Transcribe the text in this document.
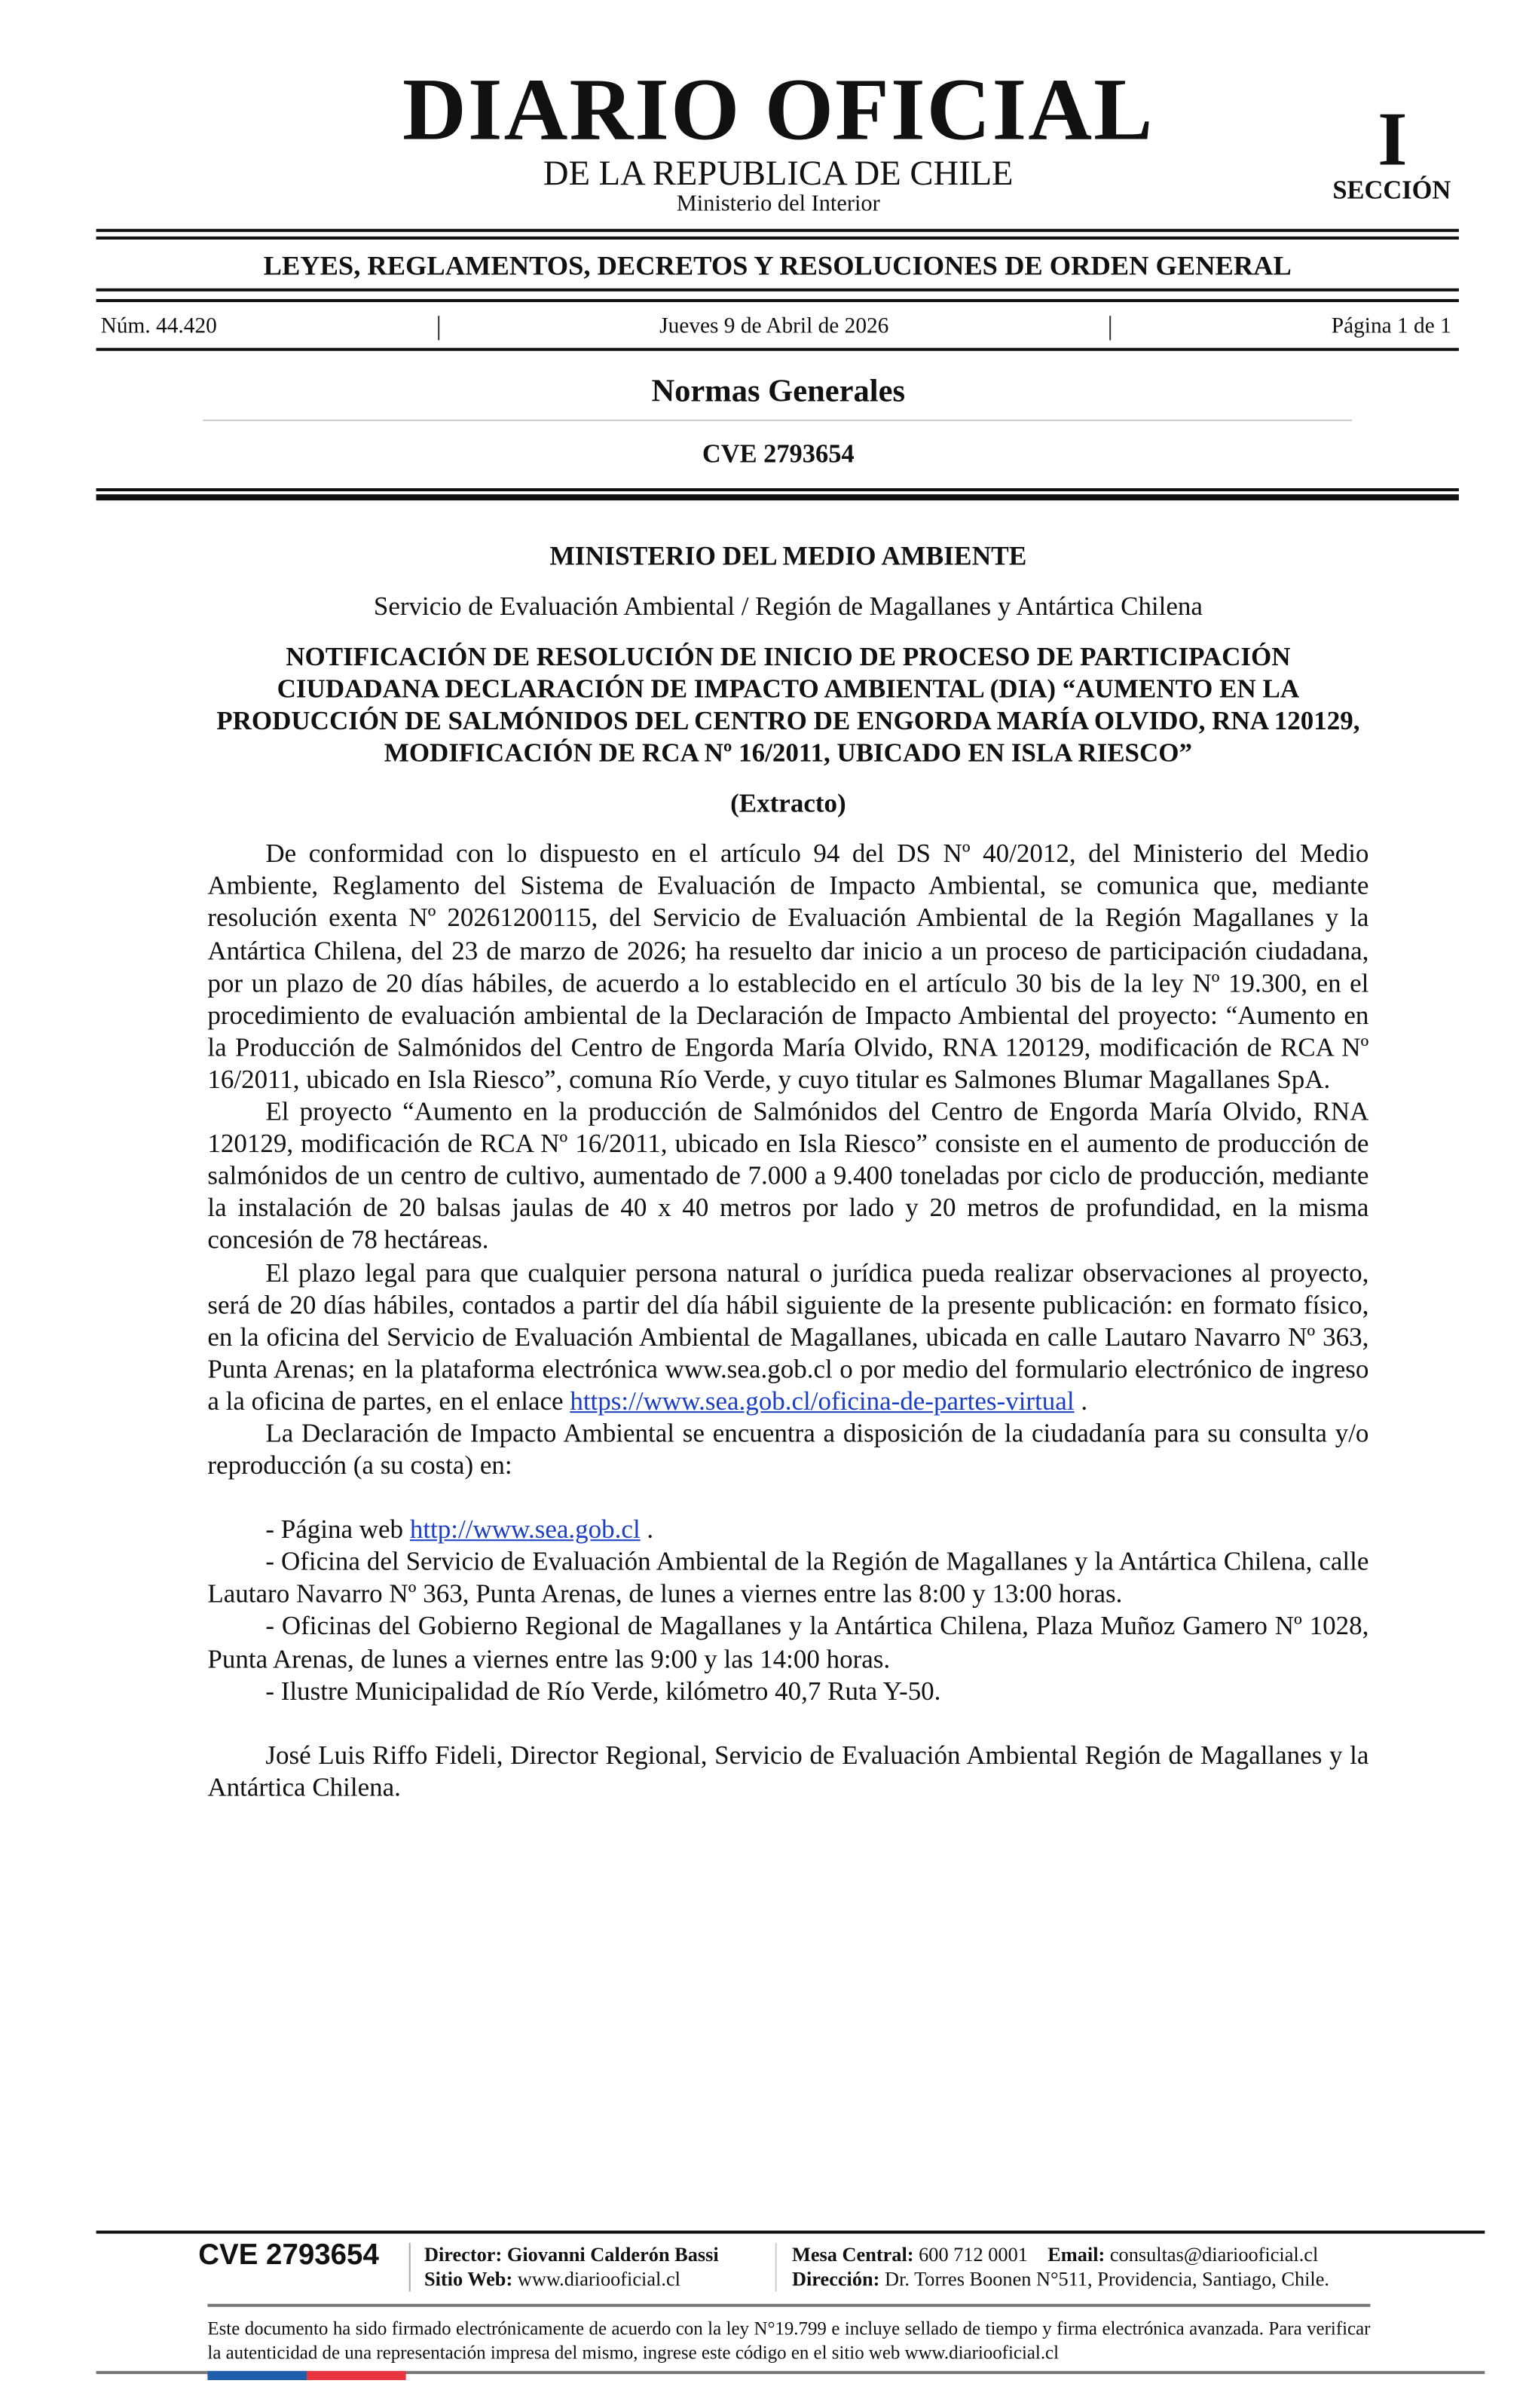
DIARIO OFICIAL
DE LA REPUBLICA DE CHILE
Ministerio del Interior
I
SECCIÓN
LEYES, REGLAMENTOS, DECRETOS Y RESOLUCIONES DE ORDEN GENERAL
Núm. 44.420	Jueves 9 de Abril de 2026	Página 1 de 1
Normas Generales
CVE 2793654
MINISTERIO DEL MEDIO AMBIENTE
Servicio de Evaluación Ambiental / Región de Magallanes y Antártica Chilena
NOTIFICACIÓN DE RESOLUCIÓN DE INICIO DE PROCESO DE PARTICIPACIÓN CIUDADANA DECLARACIÓN DE IMPACTO AMBIENTAL (DIA) “AUMENTO EN LA PRODUCCIÓN DE SALMÓNIDOS DEL CENTRO DE ENGORDA MARÍA OLVIDO, RNA 120129, MODIFICACIÓN DE RCA Nº 16/2011, UBICADO EN ISLA RIESCO”
(Extracto)

De conformidad con lo dispuesto en el artículo 94 del DS Nº 40/2012, del Ministerio del Medio Ambiente, Reglamento del Sistema de Evaluación de Impacto Ambiental, se comunica que, mediante resolución exenta Nº 20261200115, del Servicio de Evaluación Ambiental de la Región Magallanes y la Antártica Chilena, del 23 de marzo de 2026; ha resuelto dar inicio a un proceso de participación ciudadana, por un plazo de 20 días hábiles, de acuerdo a lo establecido en el artículo 30 bis de la ley Nº 19.300, en el procedimiento de evaluación ambiental de la Declaración de Impacto Ambiental del proyecto: “Aumento en la Producción de Salmónidos del Centro de Engorda María Olvido, RNA 120129, modificación de RCA Nº 16/2011, ubicado en Isla Riesco”, comuna Río Verde, y cuyo titular es Salmones Blumar Magallanes SpA.

El proyecto “Aumento en la producción de Salmónidos del Centro de Engorda María Olvido, RNA 120129, modificación de RCA Nº 16/2011, ubicado en Isla Riesco” consiste en el aumento de producción de salmónidos de un centro de cultivo, aumentado de 7.000 a 9.400 toneladas por ciclo de producción, mediante la instalación de 20 balsas jaulas de 40 x 40 metros por lado y 20 metros de profundidad, en la misma concesión de 78 hectáreas.

El plazo legal para que cualquier persona natural o jurídica pueda realizar observaciones al proyecto, será de 20 días hábiles, contados a partir del día hábil siguiente de la presente publicación: en formato físico, en la oficina del Servicio de Evaluación Ambiental de Magallanes, ubicada en calle Lautaro Navarro Nº 363, Punta Arenas; en la plataforma electrónica www.sea.gob.cl o por medio del formulario electrónico de ingreso a la oficina de partes, en el enlace https://www.sea.gob.cl/oficina-de-partes-virtual .

La Declaración de Impacto Ambiental se encuentra a disposición de la ciudadanía para su consulta y/o reproducción (a su costa) en:

- Página web http://www.sea.gob.cl .

- Oficina del Servicio de Evaluación Ambiental de la Región de Magallanes y la Antártica Chilena, calle Lautaro Navarro Nº 363, Punta Arenas, de lunes a viernes entre las 8:00 y 13:00 horas.

- Oficinas del Gobierno Regional de Magallanes y la Antártica Chilena, Plaza Muñoz Gamero Nº 1028, Punta Arenas, de lunes a viernes entre las 9:00 y las 14:00 horas.

- Ilustre Municipalidad de Río Verde, kilómetro 40,7 Ruta Y-50.

José Luis Riffo Fideli, Director Regional, Servicio de Evaluación Ambiental Región de Magallanes y la Antártica Chilena.

CVE 2793654	Director: Giovanni Calderón Bassi
Sitio Web: www.diariooficial.cl
Mesa Central: 600 712 0001 Email: consultas@diariooficial.cl
Dirección: Dr. Torres Boonen N°511, Providencia, Santiago, Chile.
Este documento ha sido firmado electrónicamente de acuerdo con la ley N°19.799 e incluye sellado de tiempo y firma electrónica avanzada. Para verificar la autenticidad de una representación impresa del mismo, ingrese este código en el sitio web www.diariooficial.cl
